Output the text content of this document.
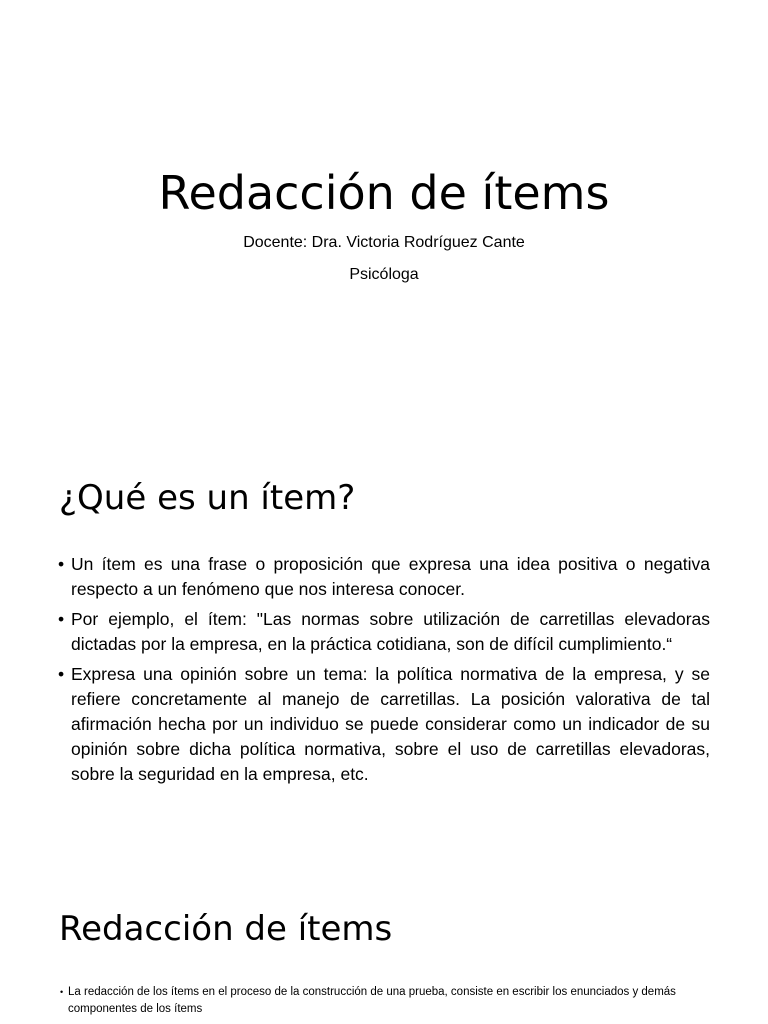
Redacción de ítems

Docente: Dra. Victoria Rodríguez Cante

Psicóloga

¿Qué es un ítem?
• Un ítem es una frase o proposición que expresa una idea positiva o negativa respecto a un fenómeno que nos interesa conocer.
• Por ejemplo, el ítem: "Las normas sobre utilización de carretillas elevadoras dictadas por la empresa, en la práctica cotidiana, son de difícil cumplimiento.“
• Expresa una opinión sobre un tema: la política normativa de la empresa, y se refiere concretamente al manejo de carretillas. La posición valorativa de tal afirmación hecha por un individuo se puede considerar como un indicador de su opinión sobre dicha política normativa, sobre el uso de carretillas elevadoras, sobre la seguridad en la empresa, etc.
Redacción de ítems
• La redacción de los ítems en el proceso de la construcción de una prueba, consiste en escribir los enunciados y demás componentes de los ítems
